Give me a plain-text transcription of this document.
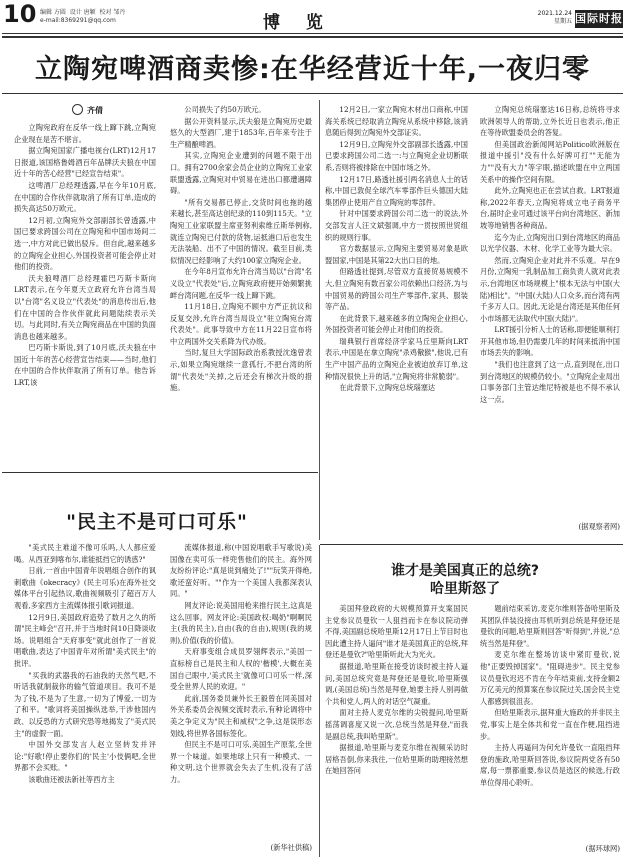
10 编辑 方圆  设计 唐颖  校对 邹丹
e-mail:8369291@qq.com	博 览	2021.12.24
星期五 国际时报
立陶宛啤酒商卖惨:在华经营近十年,一夜归零
齐倩

立陶宛政府在反华一线上蹿下跳,立陶宛企业现在是苦不堪言。

据立陶宛国家广播电视台(LRT)12月17日报道,该国格鲁姆酒百年品牌沃夫狼在中国近十年的苦心经营"已经宣告结束"。

这啤酒厂总经理透露,早在今年10月底,在中国的合作伙伴就取消了所有订单,造成的损失高达50万欧元。

12月初,立陶宛外交部副部长曾透露,中国已要求跨国公司在立陶宛和中国市场间二选一,中方对此已做出驳斥。但自此,越来越多的立陶宛企业担心,外国投资者可能会停止对他们的投资。

沃夫狼啤酒厂总经理霍巴巧斯卡斯向LRT表示,在今年夏天立政府允许台湾当局以"台湾"名义设立"代表处"的消息传出后,他们在中国的合作伙伴就此问题陆续表示关切。与此同时,有关立陶宛商品在中国的负面消息也越来越多。

巴巧斯卡斯说,到了10月底,沃夫狼在中国近十年的苦心经营宣告结束——当时,他们在中国的合作伙伴取消了所有订单。他告诉LRT,该

公司损失了约50万欧元。

据公开资料显示,沃夫狼是立陶宛历史最悠久的大型酒厂,建于1853年,百年来专注于生产精酿啤酒。

其实,立陶宛企业遭到的问题不限于出口。拥有2700余家会员企业的立陶宛工业家联盟透露,立陶宛对中贸易在进出口都遭遇障碍。

"所有交易都已停止,交货时间也拖的越来越长,甚至高达创纪录的110到115天。"立陶宛工业家联盟主席亚努利索维丘斯举例称,就连立陶宛已付款的货物,运抵港口后也发生无法装船、出不了中国的情况。截至目前,类似情况已经影响了大约100家立陶宛企业。

在今年8月宣布允许台湾当局以"台湾"名义设立"代表处"后,立陶宛政府便开始频繁挑衅台湾问题,在反华一线上蹿下跳。

11月18日,立陶宛不顾中方严正抗议和反复交涉,允许台湾当局设立"驻立陶宛台湾代表处"。此事导致中方在11月22日宣布将中立两国外交关系降为代办级。

当时,复旦大学国际政治系教授沈逸曾表示,如果立陶宛继续一意孤行,不把台湾的所谓"代表处"关掉,之后还会有梯次升级的措施。

12月2日,一家立陶宛木材出口商称,中国海关系统已经取消立陶宛从系统中移除,该消息随后得到立陶宛外交部证实。

12月9日,立陶宛外交部副部长透露,中国已要求跨国公司二选一:与立陶宛企业切断联系,否则将被排除在中国市场之外。

12月17日,路透社援引两名消息人士的话称,中国已敦促全球汽车零部件巨头德国大陆集团停止使用产自立陶宛的零部件。

针对中国要求跨国公司二选一的说法,外交部发言人汪文斌强调,中方一贯按照世贸组织的规则行事。

官方数据显示,立陶宛主要贸易对象是欧盟国家,中国是其第22大出口目的地。

但路透社提到,尽管双方直接贸易规模不大,但立陶宛有数百家公司依赖出口经济,为与中国贸易的跨国公司生产零部件,家具、服装等产品。

在此背景下,越来越多的立陶宛企业担心,外国投资者可能会停止对他们的投资。

瑞典银行首席经济学家马丘里斯向LRT表示,中国是在拿立陶宛"杀鸡儆猴",他说,已有生产中国产品的立陶宛企业被迫放弃订单,这种情况很快上升的话,"立陶宛将非常脆弱"。

在此背景下,立陶宛总统瑙塞达

立陶宛总统瑙塞达16日称,总统将寻求欧洲领导人的帮助,立外长近日也表示,他正在等待欧盟委员会的答复。

但美国政治新闻网站Politico欧洲版在报道中援引"没有什么好牌可打""无能为力""没有大力"等字眼,描述欧盟在中立两国关系中的操作空间有限。

此外,立陶宛也正在尝试自救。LRT报道称,2022年春天,立陶宛将成立电子商务平台,届时企业可通过该平台向台湾地区、新加坡等地销售各种商品。

迄今为止,立陶宛出口到台湾地区的商品以光学仪器、木材、化学工业等为最大宗。

然而,立陶宛企业对此并不乐观。早在9月份,立陶宛一乳制品加工商负责人就对此表示,台湾地区市场规模上"根本无法与中国(大陆)相比"。"中国(大陆)人口众多,而台湾有两千多万人口。因此,无论是台湾还是其他任何小市场都无法取代中国(大陆)"。

LRT援引分析人士的话称,即便能顺利打开其他市场,但仍需要几年的时间来抵消中国市场丢失的影响。

"我们也注意到了这一点,直到现在,出口到台湾地区的规模仍较小。"立陶宛企业局出口事务部门主管达维尼特被是也不得不承认这一点。

(据观察者网)

"民主不是可口可乐"

"美式民主难道不像可乐吗,人人都应爱喝。从西亚到喀布尔,谁能抵挡它的诱惑?"

日前,一首由中国青年说唱组合创作的讽刺歌曲《okecracy》(民主可乐)在海外社交媒体平台引起热议,歌曲视频吸引了超百万人观看,多家西方主流媒体报引歌词报道。

12月9日,美国政府造势了数月之久的所谓"民主峰会"召开,并于当地时间10日降谈收场。说唱组合"天府事变"就此创作了一首说唱歌曲,表达了中国青年对所谓"美式民主"的批评。

"买我的武器我的石油我的天然气吧,不听话我就制裁你的输气管道项目。我可不是为了钱,不是为了生意,一切为了博爱,一切为了和平。"歌词将美国操纵选举,干涉他国内政、以反恐的方式研究恐等地揭发了"美式民主"的虚假一面。

中国外交部发言人赵立坚转发并评论:"好歌!停止要你们的'民主'小伎俩吧,全世界都不会买账。"

该歌曲还被法新社等西方主

流媒体报道,称(中国说唱歌手写歌说)美国像在卖可乐一样兜售他们的民主。海外网友纷纷评论:"真是说到痛处了!""玩笑开得绝,歌还蛮好听。""作为一个美国人我都深表认同。"

网友评论:说美国用枪来推行民主,这真是这么回事。网友评论:美国政权:喝奶"啊啊民主(我的民主),自由(我的自由),规则(我的规则),价值(我的价值)。

天府事变组合成员罗翎辉表示,"美国一直标榜自己是民主和人权的'楷模',大概在美国自己眼中,'美式民主'就像可口可乐一样,深受全世界人民的欢迎。"

此前,国务委员兼外长王毅曾在同美国对外关系委员会视频交流时表示,有种论调将中美之争定义为"民主和威权"之争,这是误形态划线,将世界各国标签化。

但民主不是可口可乐,美国生产原浆,全世界一个味道。如果地球上只有一种模式、一种文明,这个世界就会失去了生机,没有了活力。

(新华社供稿)

谁才是美国真正的总统?
哈里斯怒了

美国拜登政府的大规模预算开支案国民主党参议员曼钦一人狙挡而卡在参议院动弹不得,美国副总统哈里斯12月17日上节目时也因此遭主持人逼问"谁才是美国真正的总统,拜登还是曼钦?"哈里斯听此大为光火。

据报道,哈里斯在接受访谈时被主持人逼问,美国总统究竟是拜登还是曼钦,哈里斯强调,(美国总统)当然是拜登,她要主持人别再做个共和党人,两人的对话空气凝重。

面对主持人麦克尔维的尖锐提问,哈里斯摇荡调喜度又说一次,总统当然是拜登,"而我是副总统,我叫哈里斯"。

据报道,哈里斯与麦克尔维在视频采访时居格吾倒,你来我往,一位哈里斯的助理接然想在她回答问

题前结束采访,麦克尔维则答备哈里斯及其团队伴装没接由耳机听到总统是拜登还是曼钦的问题,哈里斯则回答"听得到",并说,"总统当然是拜登"。

麦克尔维在整场访谈中紧盯曼钦,说他"正要毁掉国家"。"阻碍进步"。民主党参议员曼钦迟迟不肯在今年结束前,支持金额2万亿美元的预算案在参议院过关,国会民主党人都感到很沮丧。

但哈里斯表示,据拜重大施政的并非民主党,事实上是全体共和党一直在作梗,阻挡进步。

主持人再逼问为何允许曼钦一直阻挡拜登的施政,哈里斯回答说,参议院两党各有50席,每一票都重要,参议员是选区的候选,行政单位得用心聆听。

(据环球网)
